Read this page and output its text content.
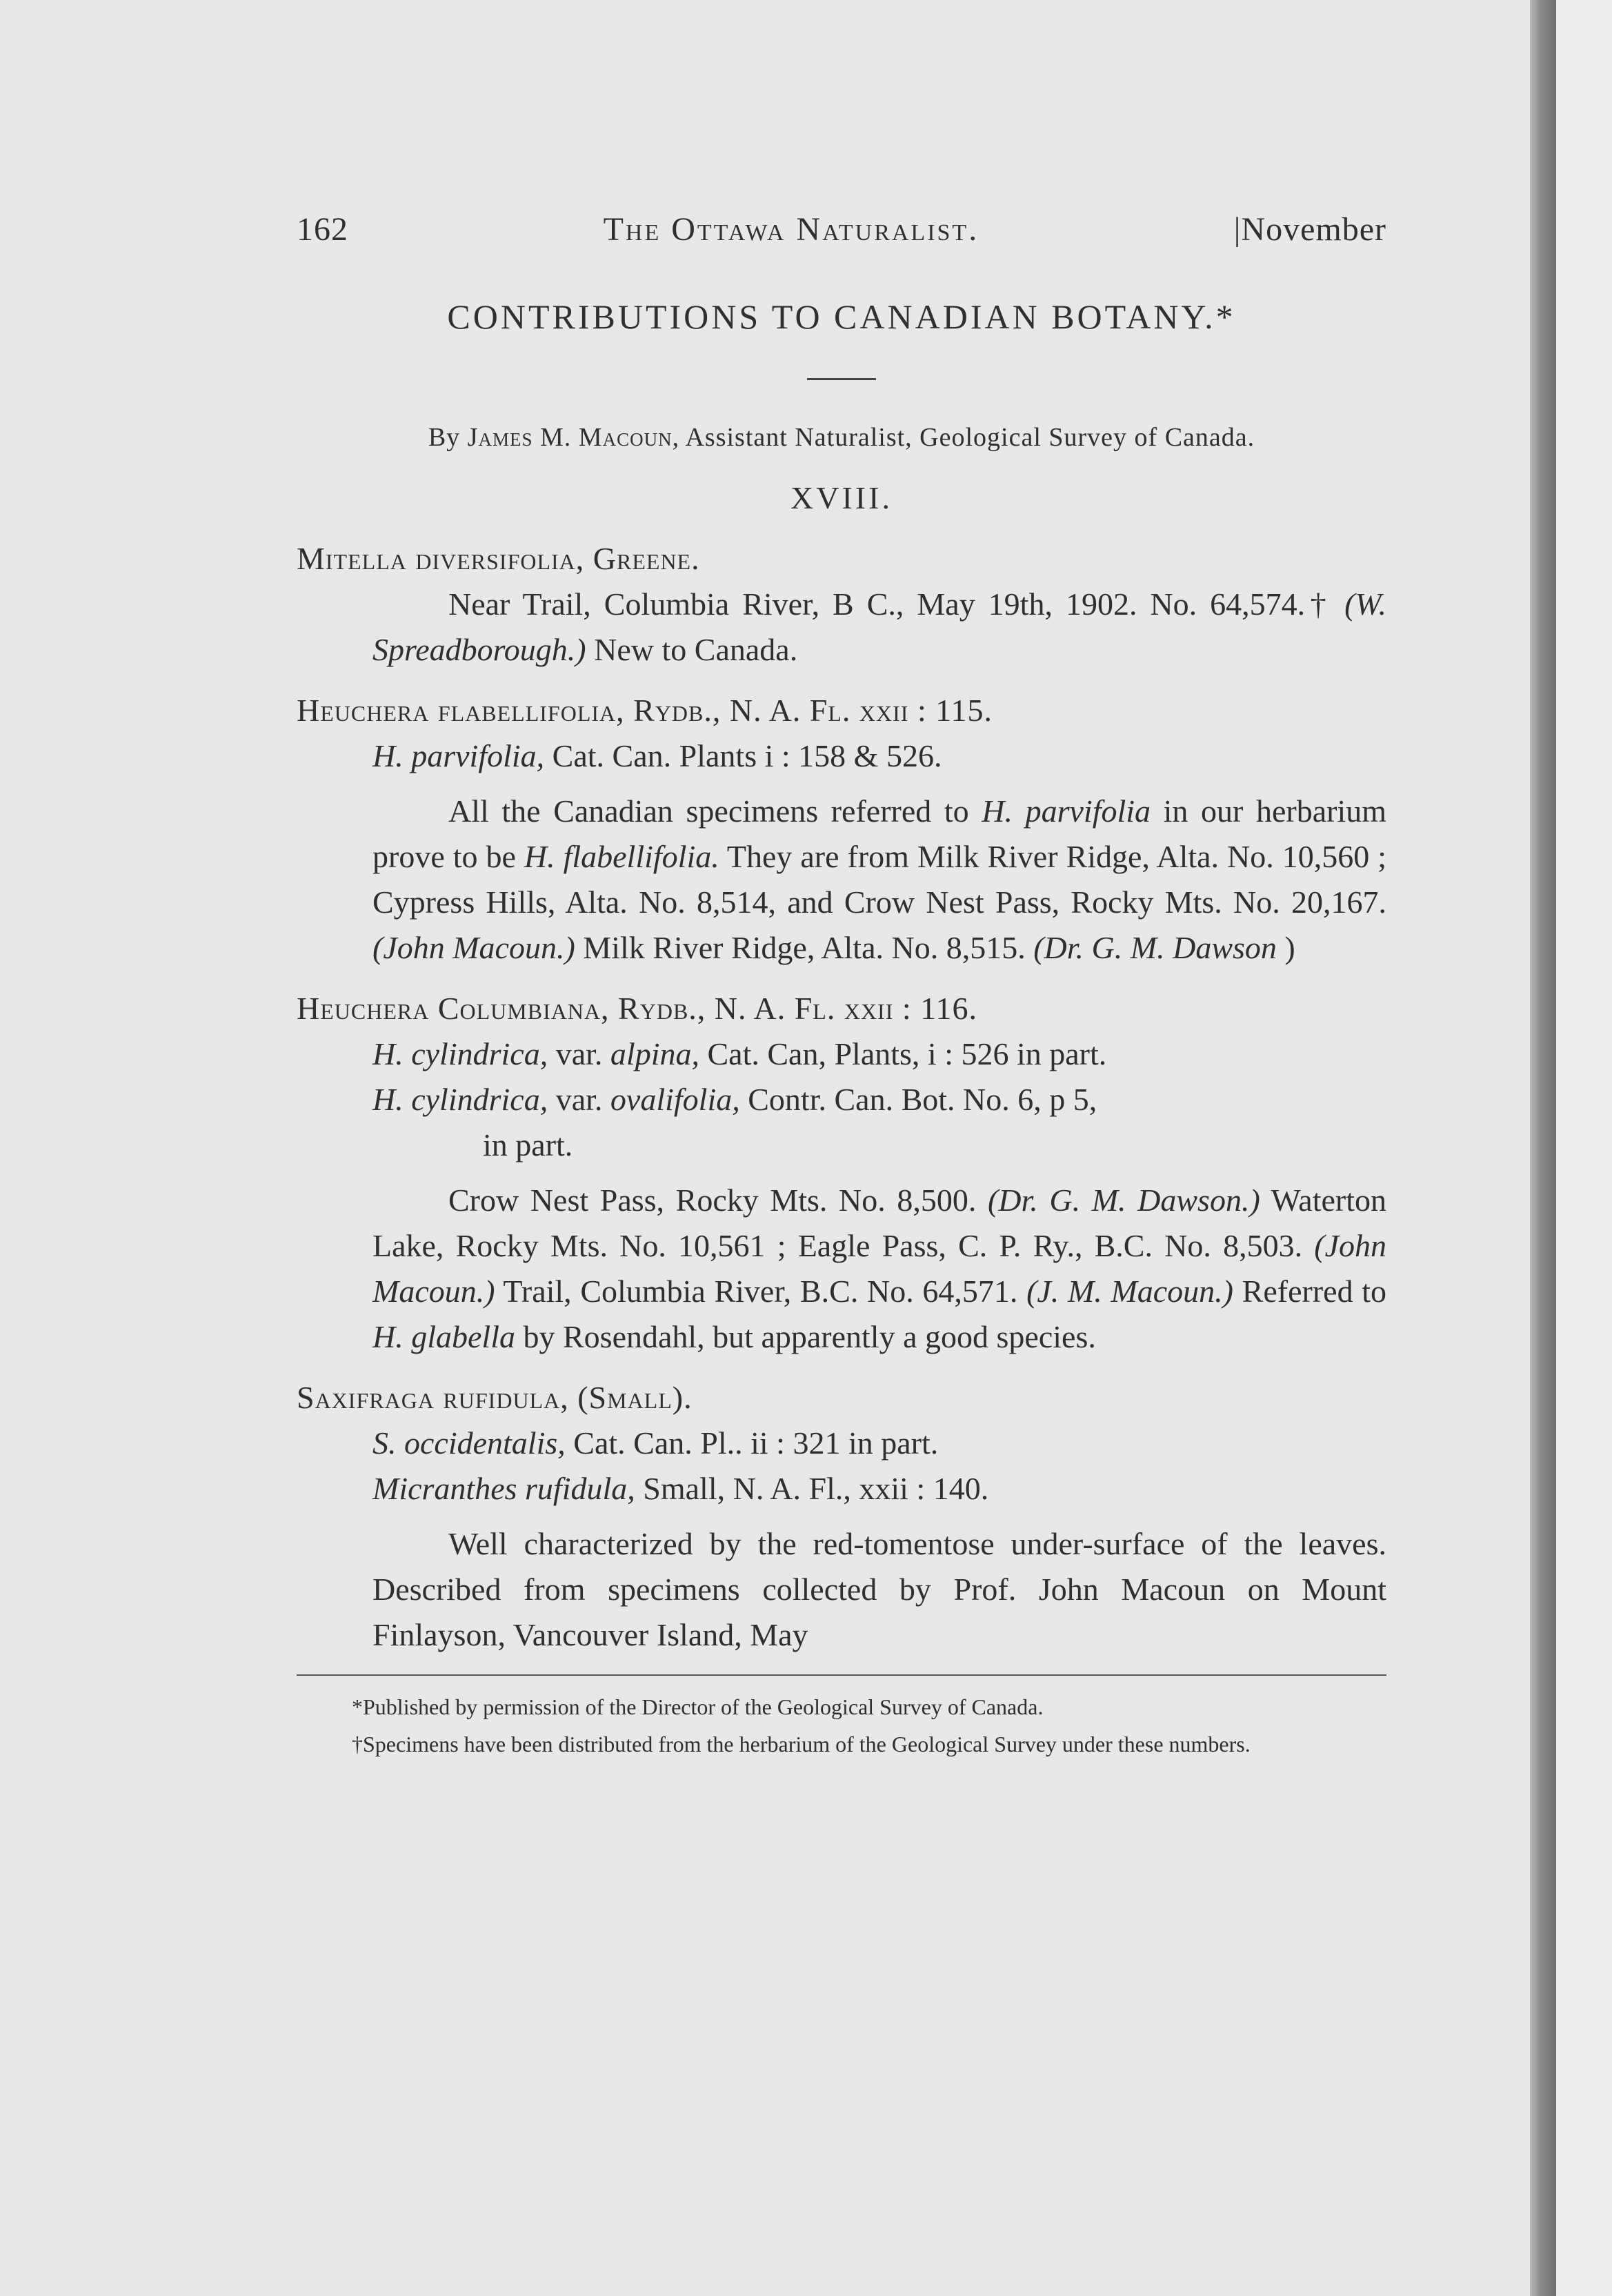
162	The Ottawa Naturalist.	|November
CONTRIBUTIONS TO CANADIAN BOTANY.*
By James M. Macoun, Assistant Naturalist, Geological Survey of Canada.
XVIII.
Mitella diversifolia, Greene.
Near Trail, Columbia River, B C., May 19th, 1902. No. 64,574.† (W. Spreadborough.) New to Canada.
Heuchera flabellifolia, Rydb., N. A. Fl. xxii : 115.
H. parvifolia, Cat. Can. Plants i : 158 & 526.
All the Canadian specimens referred to H. parvifolia in our herbarium prove to be H. flabellifolia. They are from Milk River Ridge, Alta. No. 10,560 ; Cypress Hills, Alta. No. 8,514, and Crow Nest Pass, Rocky Mts. No. 20,167. (John Macoun.) Milk River Ridge, Alta. No. 8,515. (Dr. G. M. Dawson )
Heuchera Columbiana, Rydb., N. A. Fl. xxii : 116.
H. cylindrica, var. alpina, Cat. Can, Plants, i : 526 in part.
H. cylindrica, var. ovalifolia, Contr. Can. Bot. No. 6, p 5,
in part.
Crow Nest Pass, Rocky Mts. No. 8,500. (Dr. G. M. Dawson.) Waterton Lake, Rocky Mts. No. 10,561 ; Eagle Pass, C. P. Ry., B.C. No. 8,503. (John Macoun.) Trail, Columbia River, B.C. No. 64,571. (J. M. Macoun.) Referred to H. glabella by Rosendahl, but apparently a good species.
Saxifraga rufidula, (Small).
S. occidentalis, Cat. Can. Pl.. ii : 321 in part.
Micranthes rufidula, Small, N. A. Fl., xxii : 140.
Well characterized by the red-tomentose under-surface of the leaves. Described from specimens collected by Prof. John Macoun on Mount Finlayson, Vancouver Island, May

*Published by permission of the Director of the Geological Survey of Canada.

†Specimens have been distributed from the herbarium of the Geological Survey under these numbers.
